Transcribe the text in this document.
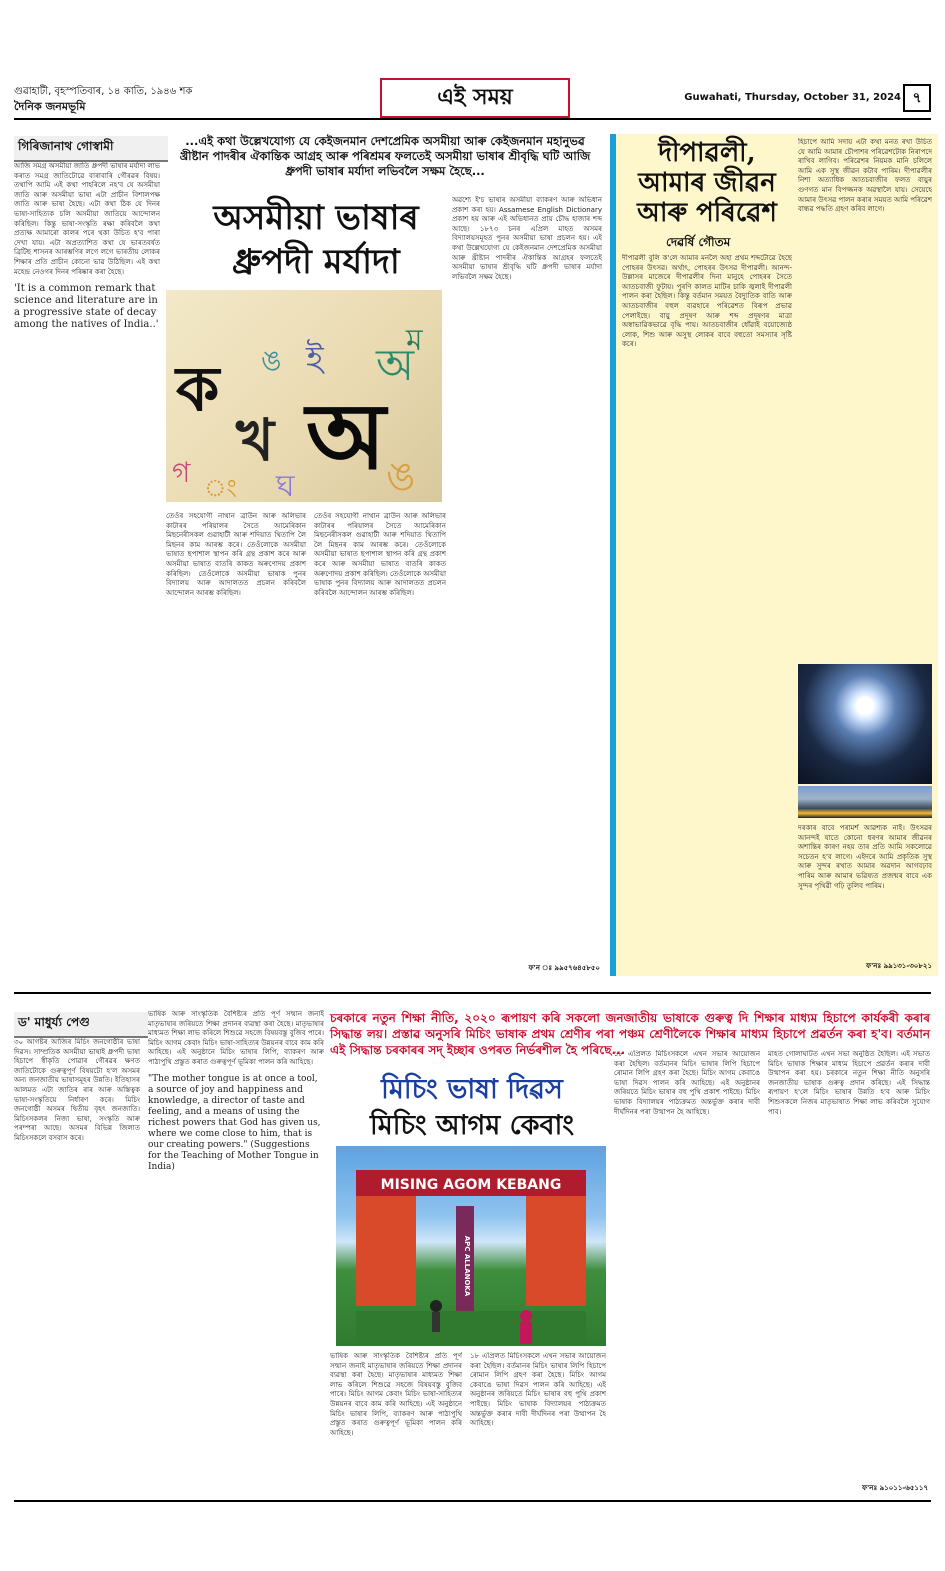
গুৱাহাটী, বৃহস্পতিবাৰ, ১৪ কাতি, ১৯৪৬ শক
দৈনিক জনমভূমি	এই সময়	Guwahati, Thursday, October 31, 2024 ৭
গিৰিজানাথ গোস্বামী	...এই কথা উল্লেখযোগ্য যে কেইজনমান দেশপ্ৰেমিক অসমীয়া আৰু কেইজনমান মহানুভৱ খ্ৰীষ্টান পাদৰীৰ ঐকান্তিক আগ্ৰহ আৰু পৰিশ্ৰমৰ ফলতেই অসমীয়া ভাষাৰ শ্ৰীবৃদ্ধি ঘটি আজি ধ্ৰুপদী ভাষাৰ মৰ্যাদা লভিবলৈ সক্ষম হৈছে...
অসমীয়া ভাষাৰ
ধ্ৰুপদী মৰ্যাদা
আজি সমগ্ৰ অসমীয়া জাতি ধ্ৰুপদী ভাষাৰ মৰ্যাদা লাভ কৰাত সমগ্ৰ জাতিটোৱে বাৰাবাৰি গৌৰৱৰ বিষয়। তথাপি আমি এই কথা পাহৰিলে নহ'ব যে অসমীয়া জাতি আৰু অসমীয়া ভাষা এটা প্ৰাচীন বিশালপক্ষ জাতি আৰু ভাষা হৈছে। এটা কথা ঠিক যে দিনৰ ভাষা-সাহিত্যক চলি অসমীয়া জাতিয়ে আন্দোলন কৰিছিল। কিন্তু ভাষা-সংস্কৃতি ৰক্ষা কৰিবলৈ কথা প্ৰত্যক্ষ আমাৰো কালৰ পৰে থকা উচিত হ'ব পাৰা দেখা যায়। এটা অপ্ৰত্যাশিত কথা যে ভাৰতবৰ্ষত ব্ৰিটিছ শাসনৰ আৰম্ভণিৰ লগে লগে ভাৰতীয় লোকৰ শিক্ষাৰ প্ৰতি প্ৰাচীন কোনো ভাৱ উঠিছিল। এই কথা মহেন্দ্ৰ নেওগৰ দিনৰ পৰিষ্কাৰ কৰা হৈছে।
'It is a common remark that science and literature are in a progressive state of decay among the natives of India..'
ক
খ অ
ঙ ই অ
ম
গ ং ঘ ঙ
তেওঁৰ সহযোগী নাথান ব্ৰাউন আৰু অলিভাৰ কাটাৰৰ পৰিয়ালৰ সৈতে আমেৰিকান মিছনেৰীসকল গুৱাহাটী আৰু শদিয়াত থিতাপি লৈ মিছনৰ কাম আৰম্ভ কৰে। তেওঁলোকে অসমীয়া ভাষাত ছপাশাল স্থাপন কৰি গ্ৰন্থ প্ৰকাশ কৰে আৰু অসমীয়া ভাষাত বাতৰি কাকত অৰুণোদয় প্ৰকাশ কৰিছিল। তেওঁলোকে অসমীয়া ভাষাক পুনৰ বিদ্যালয় আৰু আদালতত প্ৰচলন কৰিবলৈ আন্দোলন আৰম্ভ কৰিছিল।
তেওঁৰ সহযোগী নাথান ব্ৰাউন আৰু অলিভাৰ কাটাৰৰ পৰিয়ালৰ সৈতে আমেৰিকান মিছনেৰীসকল গুৱাহাটী আৰু শদিয়াত থিতাপি লৈ মিছনৰ কাম আৰম্ভ কৰে। তেওঁলোকে অসমীয়া ভাষাত ছপাশাল স্থাপন কৰি গ্ৰন্থ প্ৰকাশ কৰে আৰু অসমীয়া ভাষাত বাতৰি কাকত অৰুণোদয় প্ৰকাশ কৰিছিল। তেওঁলোকে অসমীয়া ভাষাক পুনৰ বিদ্যালয় আৰু আদালতত প্ৰচলন কৰিবলৈ আন্দোলন আৰম্ভ কৰিছিল।
অৱশ্যে ই'চ ভাষাৰ অসমীয়া ব্যাকৰণ আৰু অভিধান প্ৰকাশ কৰা হয়। Assamese English Dictionary প্ৰকাশ হয় আৰু এই অভিধানত প্ৰায় চৌদ্ধ হাজাৰ শব্দ আছে। ১৮৭৩ চনৰ এপ্ৰিল মাহত অসমৰ বিদ্যালয়সমূহত পুনৰ অসমীয়া ভাষা প্ৰচলন হয়। এই কথা উল্লেখযোগ্য যে কেইজনমান দেশপ্ৰেমিক অসমীয়া আৰু খ্ৰীষ্টান পাদৰীৰ ঐকান্তিক আগ্ৰহৰ ফলতেই অসমীয়া ভাষাৰ শ্ৰীবৃদ্ধি ঘটি ধ্ৰুপদী ভাষাৰ মৰ্যাদা লভিবলৈ সক্ষম হৈছে।
ফ'ন ঃ ৯৯৫৭৬৪৫৮৫০
দীপাৱলী,
আমাৰ জীৱন
আৰু পৰিৱেশ
দেৱৰ্ষি গৌতম
দীপাৱলী বুলি ক'লে আমাৰ মনলৈ অহা প্ৰথম শব্দটোৱে হৈছে পোহৰৰ উৎসৱ। অৰ্থাৎ, পোহৰৰ উৎসৱ দীপাৱলী। আনন্দ-উল্লাসৰ মাজেৰে দীপাৱলীৰ দিনা মানুহে পোহৰৰ সৈতে আতচবাজী ফুটায়। পুৰণি কালত মাটিৰ চাকি জ্বলাই দীপাৱলী পালন কৰা হৈছিল। কিন্তু বৰ্তমান সময়ত বৈদ্যুতিক বাতি আৰু আতচবাজীৰ বহুল ব্যৱহাৰে পৰিৱেশত বিৰূপ প্ৰভাৱ পেলাইছে। বায়ু প্ৰদূষণ আৰু শব্দ প্ৰদূষণৰ মাত্ৰা অস্বাভাৱিকভাৱে বৃদ্ধি পায়। আতচবাজীৰ ধোঁৱাই বয়োজ্যেষ্ঠ লোক, শিশু আৰু অসুস্থ লোকৰ বাবে বহুতো সমস্যাৰ সৃষ্টি কৰে।
হিচাপে আমি সদায় এটা কথা মনত ৰখা উচিত যে আমি আমাৰ চৌপাশৰ পৰিৱেশটোক নিৰাপদে ৰাখিব লাগিব। পৰিৱেশৰ নিয়মক মানি চলিলে আমি এক সুস্থ জীৱন কটাব পাৰিম। দীপাৱলীৰ নিশা অত্যাধিক আতচবাজীৰ ফলত বায়ুৰ গুণগত মান বিপজ্জনক অৱস্থালৈ যায়। সেয়েহে আমাৰ উৎসৱ পালন কৰাৰ সময়ত আমি পৰিৱেশ বান্ধৱ পদ্ধতি গ্ৰহণ কৰিব লাগে।
দৰকাৰ বাবে পৰামৰ্শ আৱশ্যক নাই। উৎসৱৰ আনন্দই যাতে কোনো ধৰণৰ আমাৰ জীৱনৰ অশান্তিৰ কাৰণ নহয় তাৰ প্ৰতি আমি সকলোৱে সচেতন হ'ব লাগে। এইদৰে আমি প্ৰকৃতিক সুস্থ আৰু সুন্দৰ ৰখাত আমাৰ অৱদান আগবঢ়াব পাৰিম আৰু আমাৰ ভৱিষ্যত প্ৰজন্মৰ বাবে এক সুন্দৰ পৃথিৱী গঢ়ি তুলিব পাৰিম।
ফ'নঃ ৯৯১৩১-৩০৮২১
ড' মাধুৰ্য্য পেগু
৩০ আগষ্টৰ আজিৰ মিচিং জনগোষ্ঠীৰ ভাষা দিৱস। সাম্প্ৰতিক অসমীয়া ভাষাই ধ্ৰুপদী ভাষা হিচাপে স্বীকৃতি পোৱাৰ গৌৰৱৰ ক্ষণত জাতিটোকে গুৰুত্বপূৰ্ণ বিষয়টো হ'ল অসমৰ অন্য জনজাতীয় ভাষাসমূহৰ উন্নতি। ইতিহাসৰ আলমত এটা জাতিৰ ৰাৰ আৰু অস্তিত্বক ভাষা-সংস্কৃতিয়ে নিৰ্ধাৰণ কৰে। মিচিং জনগোষ্ঠী অসমৰ দ্বিতীয় বৃহৎ জনজাতি। মিচিংসকলৰ নিজা ভাষা, সংস্কৃতি আৰু পৰম্পৰা আছে। অসমৰ বিভিন্ন জিলাত মিচিংসকলে বসবাস কৰে।
ভাষিক আৰু সাংস্কৃতিক বৈশিষ্ট্যৰ প্ৰতি পূৰ্ণ সন্মান জনাই মাতৃভাষাৰ জৰিয়তে শিক্ষা প্ৰদানৰ ব্যৱস্থা কৰা হৈছে। মাতৃভাষাৰ মাধ্যমত শিক্ষা লাভ কৰিলে শিশুৱে সহজে বিষয়বস্তু বুজিব পাৰে। মিচিং আগম কেবাং মিচিং ভাষা-সাহিত্যৰ উন্নয়নৰ বাবে কাম কৰি আহিছে। এই অনুষ্ঠানে মিচিং ভাষাৰ লিপি, ব্যাকৰণ আৰু পাঠ্যপুথি প্ৰস্তুত কৰাত গুৰুত্বপূৰ্ণ ভূমিকা পালন কৰি আহিছে।
"The mother tongue is at once a tool, a source of joy and happiness and knowledge, a director of taste and feeling, and a means of using the richest powers that God has given us, where we come close to him, that is our creating powers." (Suggestions for the Teaching of Mother Tongue in India)
চৰকাৰে নতুন শিক্ষা নীতি, ২০২০ ৰূপায়ণ কৰি সকলো জনজাতীয় ভাষাকে গুৰুত্ব দি শিক্ষাৰ মাধ্যম হিচাপে কাৰ্যকৰী কৰাৰ সিদ্ধান্ত লয়। প্ৰস্তাৱ অনুসৰি মিচিং ভাষাক প্ৰথম শ্ৰেণীৰ পৰা পঞ্চম শ্ৰেণীলৈকে শিক্ষাৰ মাধ্যম হিচাপে প্ৰৱৰ্তন কৰা হ'ব। বৰ্তমান এই সিদ্ধান্ত চৰকাৰৰ সদ্ ইচ্ছাৰ ওপৰত নিৰ্ভৰশীল হৈ পৰিছে...
মিচিং ভাষা দিৱস
মিচিং আগম কেবাং
MISING AGOM KEBANG
APC ALLANOKA
ভাষিক আৰু সাংস্কৃতিক বৈশিষ্ট্যৰ প্ৰতি পূৰ্ণ সন্মান জনাই মাতৃভাষাৰ জৰিয়তে শিক্ষা প্ৰদানৰ ব্যৱস্থা কৰা হৈছে। মাতৃভাষাৰ মাধ্যমত শিক্ষা লাভ কৰিলে শিশুৱে সহজে বিষয়বস্তু বুজিব পাৰে। মিচিং আগম কেবাং মিচিং ভাষা-সাহিত্যৰ উন্নয়নৰ বাবে কাম কৰি আহিছে। এই অনুষ্ঠানে মিচিং ভাষাৰ লিপি, ব্যাকৰণ আৰু পাঠ্যপুথি প্ৰস্তুত কৰাত গুৰুত্বপূৰ্ণ ভূমিকা পালন কৰি আহিছে।
১৮ এপ্ৰিলত মিচিংসকলে এখন সভাৰ আয়োজন কৰা হৈছিল। বৰ্তমানৰ মিচিং ভাষাৰ লিপি হিচাপে ৰোমান লিপি গ্ৰহণ কৰা হৈছে। মিচিং আগম কেবাঙে ভাষা দিৱস পালন কৰি আহিছে। এই অনুষ্ঠানৰ জৰিয়তে মিচিং ভাষাৰ বহু পুথি প্ৰকাশ পাইছে। মিচিং ভাষাক বিদ্যালয়ৰ পাঠ্যক্ৰমত অন্তৰ্ভুক্ত কৰাৰ দাবী দীৰ্ঘদিনৰ পৰা উত্থাপন হৈ আহিছে।
১৮ এপ্ৰিলত মিচিংসকলে এখন সভাৰ আয়োজন কৰা হৈছিল। বৰ্তমানৰ মিচিং ভাষাৰ লিপি হিচাপে ৰোমান লিপি গ্ৰহণ কৰা হৈছে। মিচিং আগম কেবাঙে ভাষা দিৱস পালন কৰি আহিছে। এই অনুষ্ঠানৰ জৰিয়তে মিচিং ভাষাৰ বহু পুথি প্ৰকাশ পাইছে। মিচিং ভাষাক বিদ্যালয়ৰ পাঠ্যক্ৰমত অন্তৰ্ভুক্ত কৰাৰ দাবী দীৰ্ঘদিনৰ পৰা উত্থাপন হৈ আহিছে।
মাহত গোলাঘাটত এখন সভা অনুষ্ঠিত হৈছিল। এই সভাত মিচিং ভাষাক শিক্ষাৰ মাধ্যম হিচাপে প্ৰৱৰ্তন কৰাৰ দাবী উত্থাপন কৰা হয়। চৰকাৰে নতুন শিক্ষা নীতি অনুসৰি জনজাতীয় ভাষাক গুৰুত্ব প্ৰদান কৰিছে। এই সিদ্ধান্ত ৰূপায়ণ হ'লে মিচিং ভাষাৰ উন্নতি হ'ব আৰু মিচিং শিশুসকলে নিজৰ মাতৃভাষাত শিক্ষা লাভ কৰিবলৈ সুযোগ পাব।
ফ'নঃ ৯১০১১-৬৫১১৭
